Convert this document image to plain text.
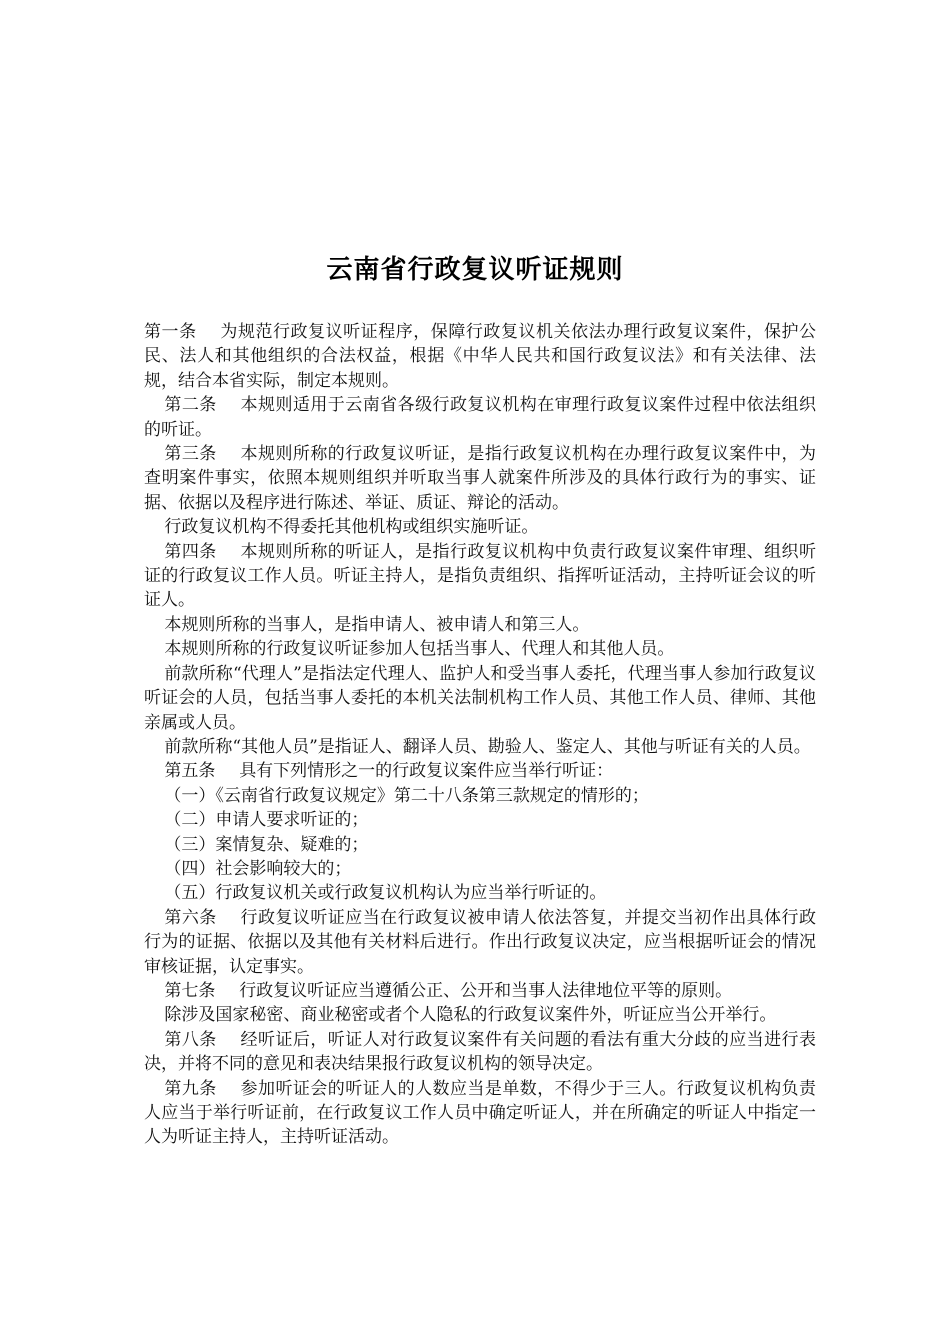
云南省行政复议听证规则

第一条 为规范行政复议听证程序，保障行政复议机关依法办理行政复议案件，保护公民、法人和其他组织的合法权益，根据《中华人民共和国行政复议法》和有关法律、法规，结合本省实际，制定本规则。

第二条 本规则适用于云南省各级行政复议机构在审理行政复议案件过程中依法组织的听证。

第三条 本规则所称的行政复议听证，是指行政复议机构在办理行政复议案件中，为查明案件事实，依照本规则组织并听取当事人就案件所涉及的具体行政行为的事实、证据、依据以及程序进行陈述、举证、质证、辩论的活动。

行政复议机构不得委托其他机构或组织实施听证。

第四条 本规则所称的听证人，是指行政复议机构中负责行政复议案件审理、组织听证的行政复议工作人员。听证主持人，是指负责组织、指挥听证活动，主持听证会议的听证人。

本规则所称的当事人，是指申请人、被申请人和第三人。

本规则所称的行政复议听证参加人包括当事人、代理人和其他人员。

前款所称“代理人”是指法定代理人、监护人和受当事人委托，代理当事人参加行政复议听证会的人员，包括当事人委托的本机关法制机构工作人员、其他工作人员、律师、其他亲属或人员。

前款所称“其他人员”是指证人、翻译人员、勘验人、鉴定人、其他与听证有关的人员。

第五条 具有下列情形之一的行政复议案件应当举行听证：

（一）《云南省行政复议规定》第二十八条第三款规定的情形的；

（二）申请人要求听证的；

（三）案情复杂、疑难的；

（四）社会影响较大的；

（五）行政复议机关或行政复议机构认为应当举行听证的。

第六条 行政复议听证应当在行政复议被申请人依法答复，并提交当初作出具体行政行为的证据、依据以及其他有关材料后进行。作出行政复议决定，应当根据听证会的情况审核证据，认定事实。

第七条 行政复议听证应当遵循公正、公开和当事人法律地位平等的原则。

除涉及国家秘密、商业秘密或者个人隐私的行政复议案件外，听证应当公开举行。

第八条 经听证后，听证人对行政复议案件有关问题的看法有重大分歧的应当进行表决，并将不同的意见和表决结果报行政复议机构的领导决定。

第九条 参加听证会的听证人的人数应当是单数，不得少于三人。行政复议机构负责人应当于举行听证前，在行政复议工作人员中确定听证人，并在所确定的听证人中指定一人为听证主持人，主持听证活动。
